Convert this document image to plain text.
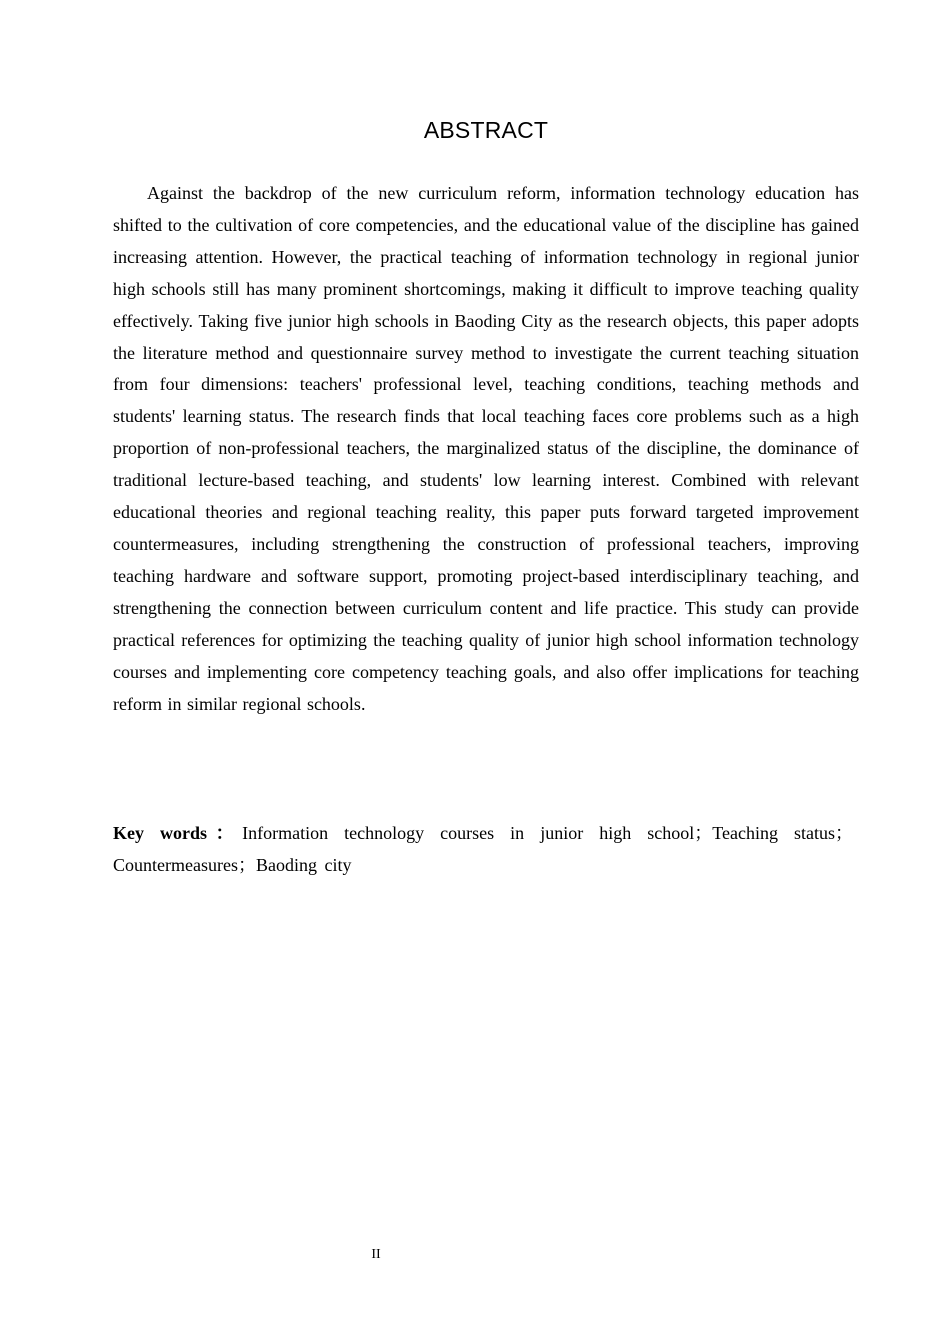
ABSTRACT

Against the backdrop of the new curriculum reform, information technology education has shifted to the cultivation of core competencies, and the educational value of the discipline has gained increasing attention. However, the practical teaching of information technology in regional junior high schools still has many prominent shortcomings, making it difficult to improve teaching quality effectively. Taking five junior high schools in Baoding City as the research objects, this paper adopts the literature method and questionnaire survey method to investigate the current teaching situation from four dimensions: teachers' professional level, teaching conditions, teaching methods and students' learning status. The research finds that local teaching faces core problems such as a high proportion of non-professional teachers, the marginalized status of the discipline, the dominance of traditional lecture-based teaching, and students' low learning interest. Combined with relevant educational theories and regional teaching reality, this paper puts forward targeted improvement countermeasures, including strengthening the construction of professional teachers, improving teaching hardware and software support, promoting project-based interdisciplinary teaching, and strengthening the connection between curriculum content and life practice. This study can provide practical references for optimizing the teaching quality of junior high school information technology courses and implementing core competency teaching goals, and also offer implications for teaching reform in similar regional schools.

Key words：Information technology courses in junior high school；Teaching status；Countermeasures；Baoding city

II
